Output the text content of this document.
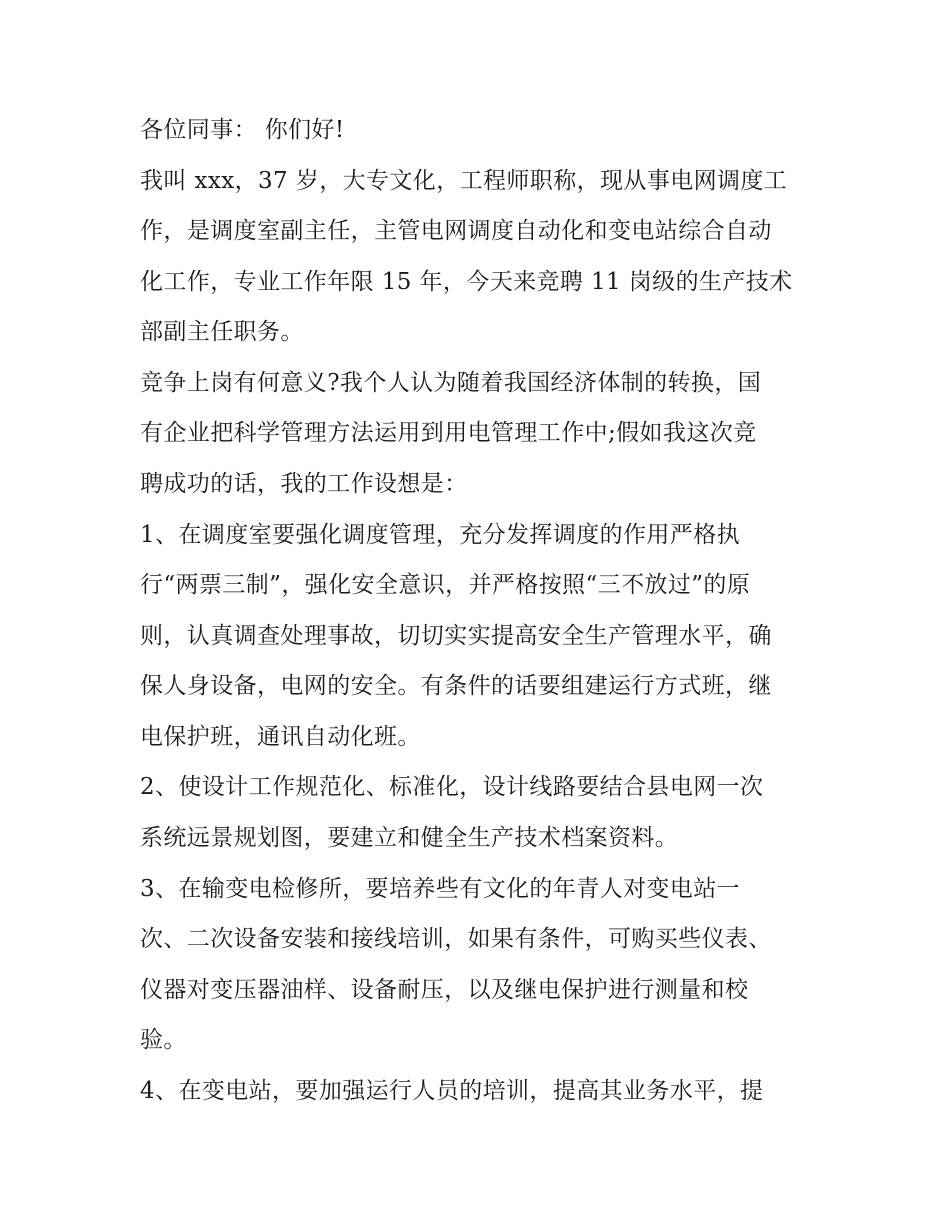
各位同事： 你们好!
我叫 xxx，37 岁，大专文化，工程师职称，现从事电网调度工
作，是调度室副主任，主管电网调度自动化和变电站综合自动
化工作，专业工作年限 15 年，今天来竞聘 11 岗级的生产技术
部副主任职务。
竞争上岗有何意义?我个人认为随着我国经济体制的转换，国
有企业把科学管理方法运用到用电管理工作中;假如我这次竞
聘成功的话，我的工作设想是：
1、在调度室要强化调度管理，充分发挥调度的作用严格执
行“两票三制”，强化安全意识，并严格按照“三不放过”的原
则，认真调查处理事故，切切实实提高安全生产管理水平，确
保人身设备，电网的安全。有条件的话要组建运行方式班，继
电保护班，通讯自动化班。
2、使设计工作规范化、标准化，设计线路要结合县电网一次
系统远景规划图，要建立和健全生产技术档案资料。
3、在输变电检修所，要培养些有文化的年青人对变电站一
次、二次设备安装和接线培训，如果有条件，可购买些仪表、
仪器对变压器油样、设备耐压，以及继电保护进行测量和校
验。
4、在变电站，要加强运行人员的培训，提高其业务水平，提
